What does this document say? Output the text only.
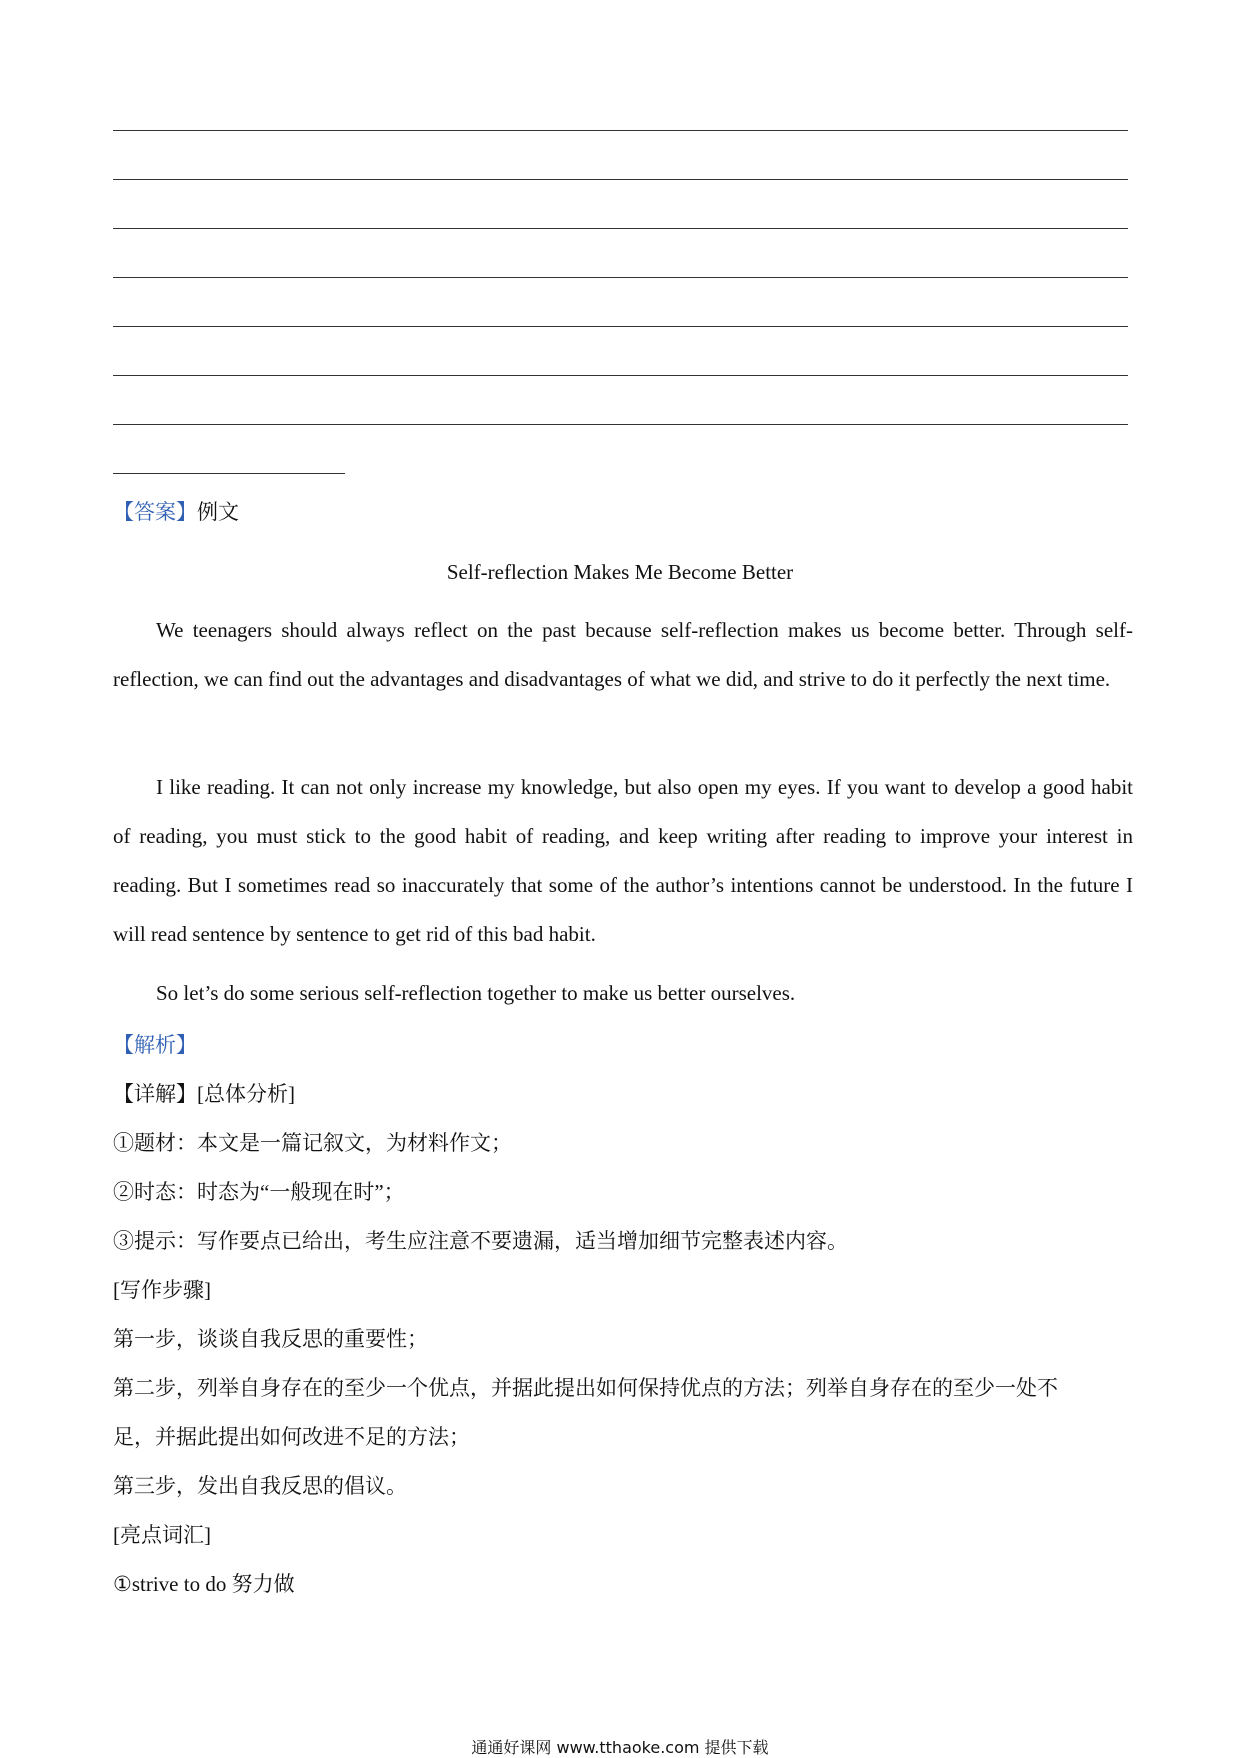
【答案】例文
Self-reflection Makes Me Become Better
We teenagers should always reflect on the past because self-reflection makes us become better. Through self-reflection, we can find out the advantages and disadvantages of what we did, and strive to do it perfectly the next time.
I like reading. It can not only increase my knowledge, but also open my eyes. If you want to develop a good habit of reading, you must stick to the good habit of reading, and keep writing after reading to improve your interest in reading. But I sometimes read so inaccurately that some of the author’s intentions cannot be understood. In the future I will read sentence by sentence to get rid of this bad habit.
So let’s do some serious self-reflection together to make us better ourselves.
【解析】
【详解】[总体分析]
①题材：本文是一篇记叙文，为材料作文；
②时态：时态为“一般现在时”；
③提示：写作要点已给出，考生应注意不要遗漏，适当增加细节完整表述内容。
[写作步骤]
第一步，谈谈自我反思的重要性；
第二步，列举自身存在的至少一个优点，并据此提出如何保持优点的方法；列举自身存在的至少一处不
足，并据此提出如何改进不足的方法；
第三步，发出自我反思的倡议。
[亮点词汇]
①strive to do 努力做
通通好课网 www.tthaoke.com 提供下载
